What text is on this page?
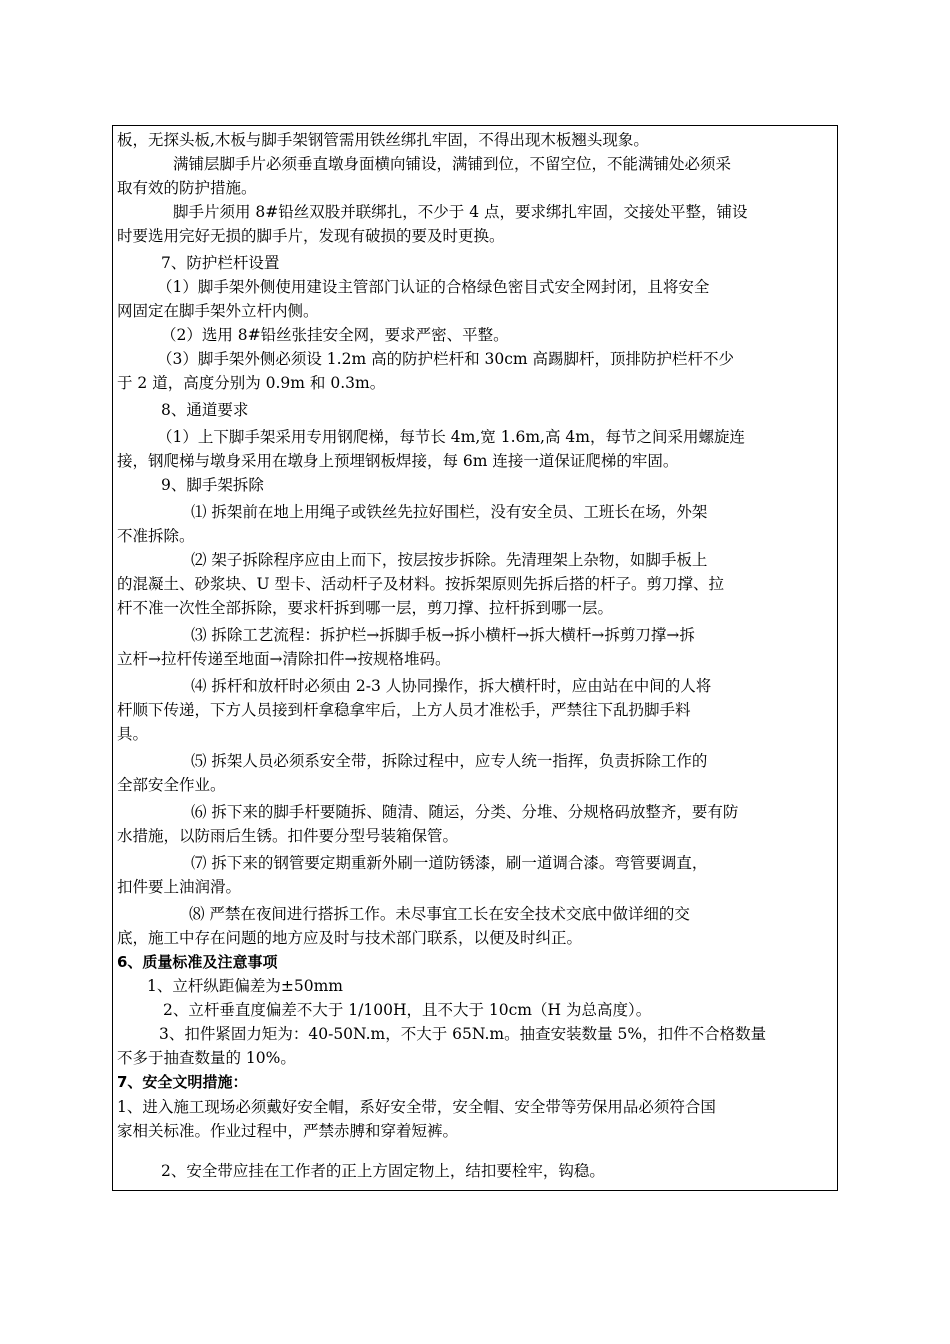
板，无探头板,木板与脚手架钢管需用铁丝绑扎牢固，不得出现木板翘头现象。
满铺层脚手片必须垂直墩身面横向铺设，满铺到位，不留空位，不能满铺处必须采
取有效的防护措施。
脚手片须用 8#铅丝双股并联绑扎，不少于 4 点，要求绑扎牢固，交接处平整，铺设
时要选用完好无损的脚手片，发现有破损的要及时更换。
7、防护栏杆设置
（1）脚手架外侧使用建设主管部门认证的合格绿色密目式安全网封闭，且将安全
网固定在脚手架外立杆内侧。
（2）选用 8#铅丝张挂安全网，要求严密、平整。
（3）脚手架外侧必须设 1.2m 高的防护栏杆和 30cm 高踢脚杆，顶排防护栏杆不少
于 2 道，高度分别为 0.9m 和 0.3m。
8、通道要求
（1）上下脚手架采用专用钢爬梯，每节长 4m,宽 1.6m,高 4m，每节之间采用螺旋连
接，钢爬梯与墩身采用在墩身上预埋钢板焊接，每 6m 连接一道保证爬梯的牢固。
9、脚手架拆除
⑴ 拆架前在地上用绳子或铁丝先拉好围栏，没有安全员、工班长在场，外架
不准拆除。
⑵ 架子拆除程序应由上而下，按层按步拆除。先清理架上杂物，如脚手板上
的混凝土、砂浆块、U 型卡、活动杆子及材料。按拆架原则先拆后搭的杆子。剪刀撑、拉
杆不准一次性全部拆除，要求杆拆到哪一层，剪刀撑、拉杆拆到哪一层。
⑶ 拆除工艺流程：拆护栏→拆脚手板→拆小横杆→拆大横杆→拆剪刀撑→拆
立杆→拉杆传递至地面→清除扣件→按规格堆码。
⑷ 拆杆和放杆时必须由 2-3 人协同操作，拆大横杆时，应由站在中间的人将
杆顺下传递，下方人员接到杆拿稳拿牢后，上方人员才准松手，严禁往下乱扔脚手料
具。
⑸ 拆架人员必须系安全带，拆除过程中，应专人统一指挥，负责拆除工作的
全部安全作业。
⑹ 拆下来的脚手杆要随拆、随清、随运，分类、分堆、分规格码放整齐，要有防
水措施，以防雨后生锈。扣件要分型号装箱保管。
⑺ 拆下来的钢管要定期重新外刷一道防锈漆，刷一道调合漆。弯管要调直，
扣件要上油润滑。
⑻ 严禁在夜间进行搭拆工作。未尽事宜工长在安全技术交底中做详细的交
底，施工中存在问题的地方应及时与技术部门联系，以便及时纠正。
6、质量标准及注意事项
1、立杆纵距偏差为±50mm
2、立杆垂直度偏差不大于 1/100H，且不大于 10cm（H 为总高度）。
3、扣件紧固力矩为：40-50N.m，不大于 65N.m。抽查安装数量 5%，扣件不合格数量
不多于抽查数量的 10%。
7、安全文明措施：
1、进入施工现场必须戴好安全帽，系好安全带，安全帽、安全带等劳保用品必须符合国
家相关标准。作业过程中，严禁赤膊和穿着短裤。
2、安全带应挂在工作者的正上方固定物上，结扣要栓牢，钩稳。
